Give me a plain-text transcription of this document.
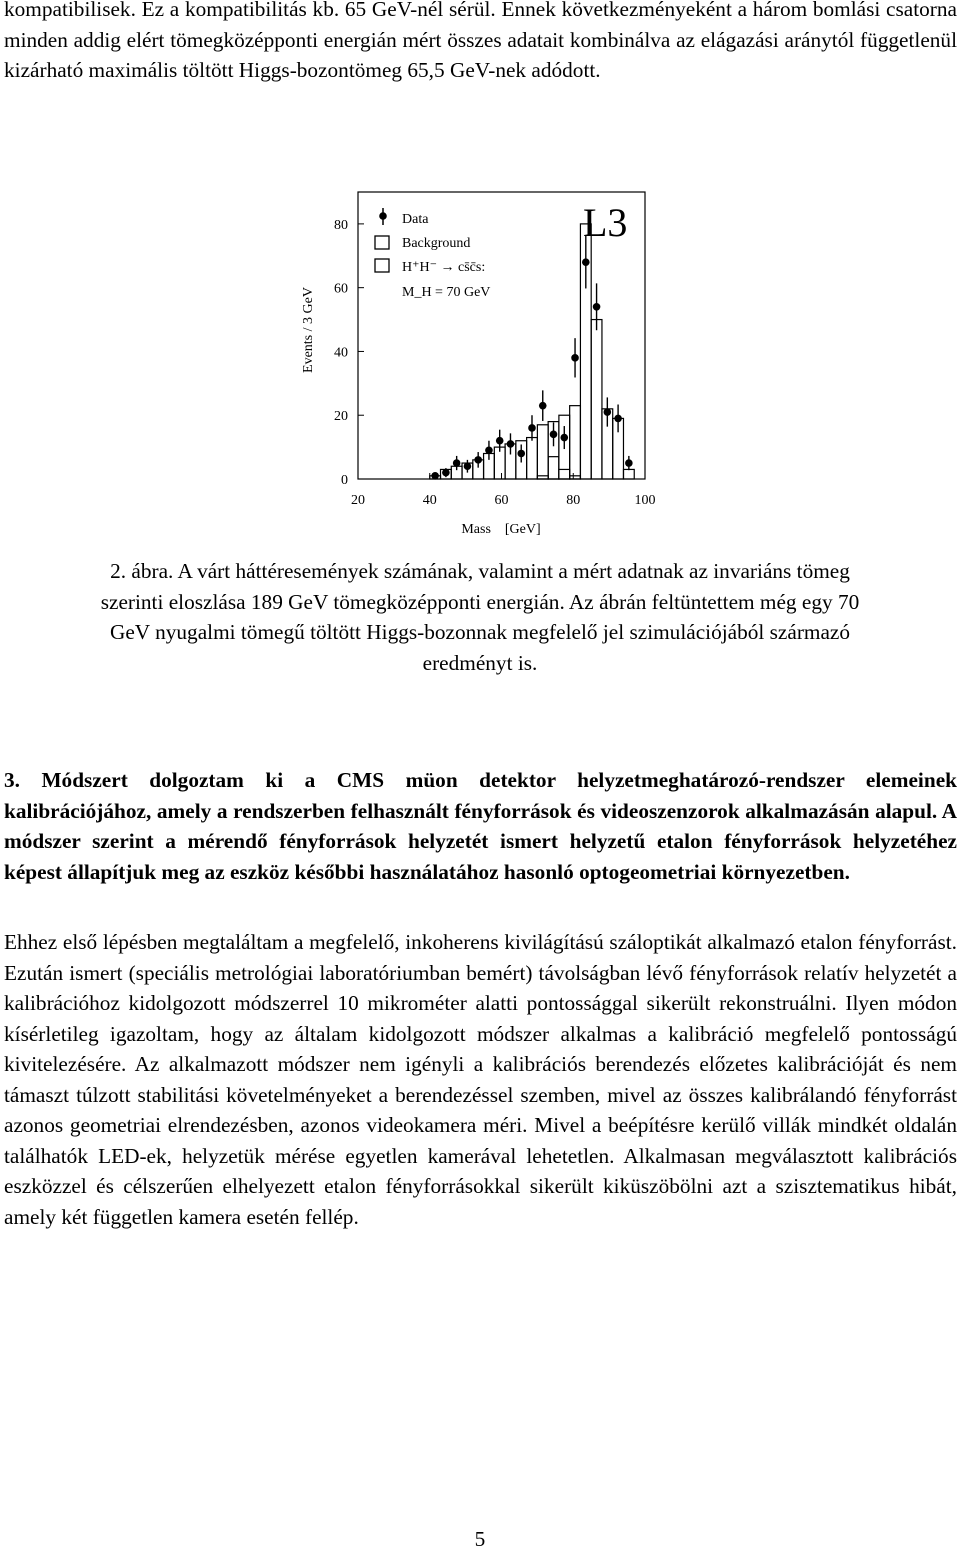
kompatibilisek. Ez a kompatibilitás kb. 65 GeV-nél sérül. Ennek következményeként a három bomlási csatorna minden addig elért tömegközépponti energián mért összes adatait kombinálva az elágazási aránytól függetlenül kizárható maximális töltött Higgs-bozontömeg 65,5 GeV-nek adódott.

0
20
40
60
80
20	40	60	80	100
L3
Data
Background
H⁺H⁻ → cs̄c̄s:
M_H = 70 GeV
Events / 3 GeV
Mass    [GeV]

2. ábra. A várt háttéresemények számának, valamint a mért adatnak az invariáns tömeg szerinti eloszlása 189 GeV tömegközépponti energián. Az ábrán feltüntettem még egy 70 GeV nyugalmi tömegű töltött Higgs-bozonnak megfelelő jel szimulációjából származó eredményt is.

3. Módszert dolgoztam ki a CMS müon detektor helyzetmeghatározó-rendszer elemeinek kalibrációjához, amely a rendszerben felhasznált fényforrások és videoszenzorok alkalmazásán alapul. A módszer szerint a mérendő fényforrások helyzetét ismert helyzetű etalon fényforrások helyzetéhez képest állapítjuk meg az eszköz későbbi használatához hasonló optogeometriai környezetben.

Ehhez első lépésben megtaláltam a megfelelő, inkoherens kivilágítású száloptikát alkalmazó etalon fényforrást. Ezután ismert (speciális metrológiai laboratóriumban bemért) távolságban lévő fényforrások relatív helyzetét a kalibrációhoz kidolgozott módszerrel 10 mikrométer alatti pontossággal sikerült rekonstruálni. Ilyen módon kísérletileg igazoltam, hogy az általam kidolgozott módszer alkalmas a kalibráció megfelelő pontosságú kivitelezésére. Az alkalmazott módszer nem igényli a kalibrációs berendezés előzetes kalibrációját és nem támaszt túlzott stabilitási követelményeket a berendezéssel szemben, mivel az összes kalibrálandó fényforrást azonos geometriai elrendezésben, azonos videokamera méri. Mivel a beépítésre kerülő villák mindkét oldalán találhatók LED-ek, helyzetük mérése egyetlen kamerával lehetetlen. Alkalmasan megválasztott kalibrációs eszközzel és célszerűen elhelyezett etalon fényforrásokkal sikerült kiküszöbölni azt a szisztematikus hibát, amely két független kamera esetén fellép.

5
